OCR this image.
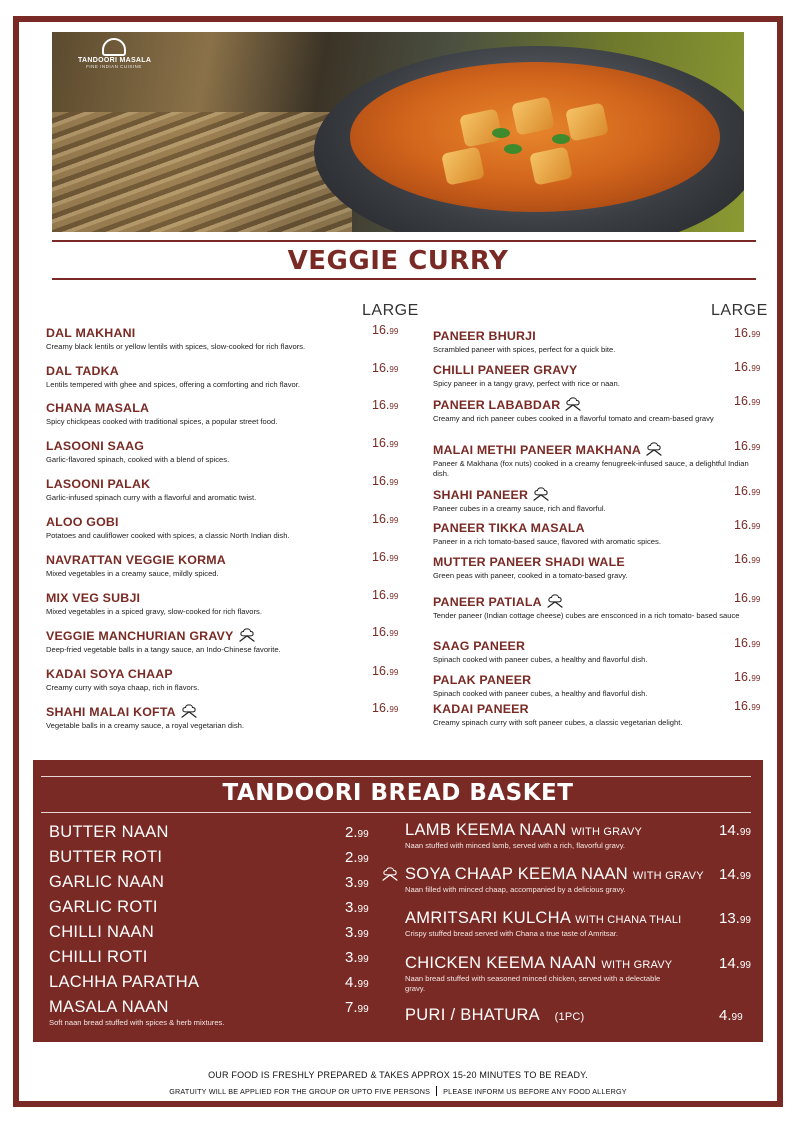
TANDOORI MASALA
FINE INDIAN CUISINE
VEGGIE CURRY
LARGE	LARGE
DAL MAKHANI
Creamy black lentils or yellow lentils with spices, slow-cooked for rich flavors.
16.99
DAL TADKA
Lentils tempered with ghee and spices, offering a comforting and rich flavor.
16.99
CHANA MASALA
Spicy chickpeas cooked with traditional spices, a popular street food.
16.99
LASOONI SAAG
Garlic-flavored spinach, cooked with a blend of spices.
16.99
LASOONI PALAK
Garlic-infused spinach curry with a flavorful and aromatic twist.
16.99
ALOO GOBI
Potatoes and cauliflower cooked with spices, a classic North Indian dish.
16.99
NAVRATTAN VEGGIE KORMA
Mixed vegetables in a creamy sauce, mildly spiced.
16.99
MIX VEG SUBJI
Mixed vegetables in a spiced gravy, slow-cooked for rich flavors.
16.99
VEGGIE MANCHURIAN GRAVY
Deep-fried vegetable balls in a tangy sauce, an Indo-Chinese favorite.
16.99
KADAI SOYA CHAAP
Creamy curry with soya chaap, rich in flavors.
16.99
SHAHI MALAI KOFTA
Vegetable balls in a creamy sauce, a royal vegetarian dish.
16.99
PANEER BHURJI
Scrambled paneer with spices, perfect for a quick bite.
16.99
CHILLI PANEER GRAVY
Spicy paneer in a tangy gravy, perfect with rice or naan.
16.99
PANEER LABABDAR
Creamy and rich paneer cubes cooked in a flavorful tomato and cream-based gravy
16.99
MALAI METHI PANEER MAKHANA
Paneer & Makhana (fox nuts) cooked in a creamy fenugreek-infused sauce, a delightful Indian dish.
16.99
SHAHI PANEER
Paneer cubes in a creamy sauce, rich and flavorful.
16.99
PANEER TIKKA MASALA
Paneer in a rich tomato-based sauce, flavored with aromatic spices.
16.99
MUTTER PANEER SHADI WALE
Green peas with paneer, cooked in a tomato-based gravy.
16.99
PANEER PATIALA
Tender paneer (Indian cottage cheese) cubes are ensconced in a rich tomato- based sauce
16.99
SAAG PANEER
Spinach cooked with paneer cubes, a healthy and flavorful dish.
16.99
PALAK PANEER
Spinach cooked with paneer cubes, a healthy and flavorful dish.
16.99
KADAI PANEER
Creamy spinach curry with soft paneer cubes, a classic vegetarian delight.
16.99
TANDOORI BREAD BASKET
BUTTER NAAN	2.99
BUTTER ROTI	2.99
GARLIC NAAN	3.99
GARLIC ROTI	3.99
CHILLI NAAN	3.99
CHILLI ROTI	3.99
LACHHA PARATHA	4.99
MASALA NAAN
Soft naan bread stuffed with spices & herb mixtures.
7.99
LAMB KEEMA NAAN WITH GRAVY
Naan stuffed with minced lamb, served with a rich, flavorful gravy.
14.99
SOYA CHAAP KEEMA NAAN WITH GRAVY
Naan filled with minced chaap, accompanied by a delicious gravy.
14.99
AMRITSARI KULCHA WITH CHANA THALI
Crispy stuffed bread served with Chana a true taste of Amritsar.
13.99
CHICKEN KEEMA NAAN WITH GRAVY
Naan bread stuffed with seasoned minced chicken, served with a delectable gravy.
14.99
PURI / BHATURA (1PC)	4.99
OUR FOOD IS FRESHLY PREPARED & TAKES APPROX 15-20 MINUTES TO BE READY.
GRATUITY WILL BE APPLIED FOR THE GROUP OR UPTO FIVE PERSONS PLEASE INFORM US BEFORE ANY FOOD ALLERGY
